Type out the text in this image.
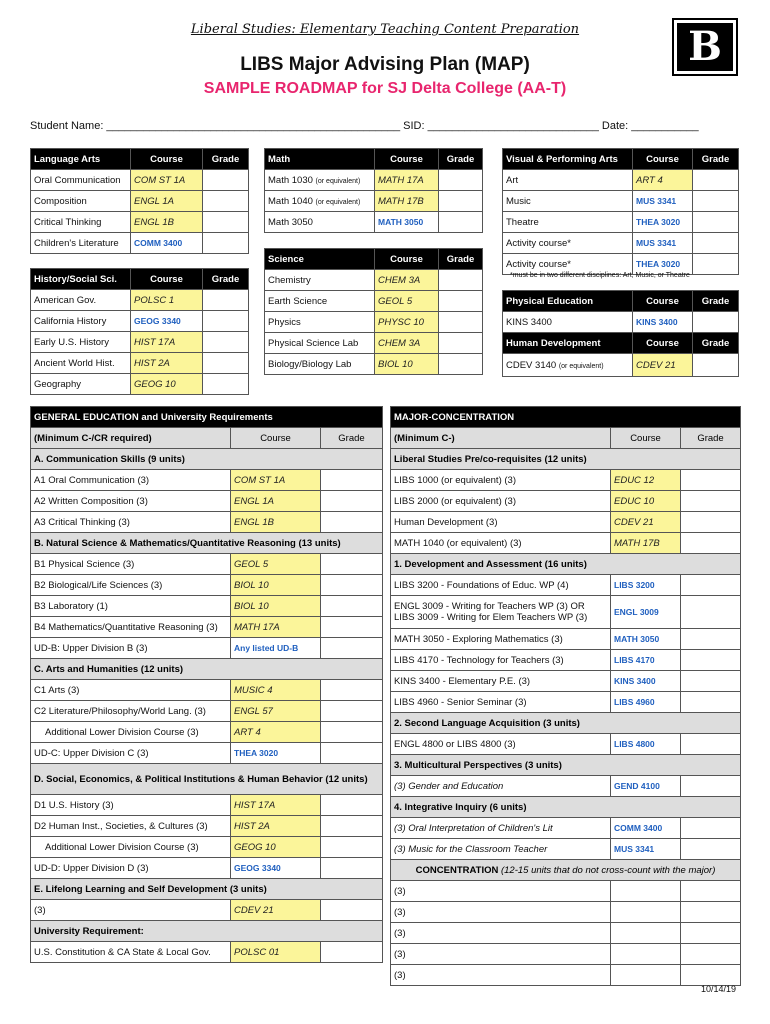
Liberal Studies: Elementary Teaching Content Preparation	B
LIBS Major Advising Plan (MAP)
SAMPLE ROADMAP for SJ Delta College (AA-T)
Student Name: ________________________________________________ SID: ____________________________ Date: ___________
Language Arts	Course	Grade
Oral Communication	COM ST 1A	
Composition	ENGL 1A	
Critical Thinking	ENGL 1B	
Children's Literature	COMM 3400	
History/Social Sci.	Course	Grade
American Gov.	POLSC 1	
California History	GEOG 3340	
Early U.S. History	HIST 17A	
Ancient World Hist.	HIST 2A	
Geography	GEOG 10	
Math	Course	Grade
Math 1030 (or equivalent)	MATH 17A	
Math 1040 (or equivalent)	MATH 17B	
Math 3050	MATH 3050	
Science	Course	Grade
Chemistry	CHEM 3A	
Earth Science	GEOL 5	
Physics	PHYSC 10	
Physical Science Lab	CHEM 3A	
Biology/Biology Lab	BIOL 10	
Visual & Performing Arts	Course	Grade
Art	ART 4	
Music	MUS 3341	
Theatre	THEA 3020	
Activity course*	MUS 3341	
Activity course*	THEA 3020	
*must be in two different disciplines: Art, Music, or Theatre
Physical Education	Course	Grade
KINS 3400	KINS 3400	
Human Development	Course	Grade
CDEV 3140 (or equivalent)	CDEV 21	
GENERAL EDUCATION and University Requirements		
(Minimum C-/CR required)	Course	Grade
A. Communication Skills (9 units)		
A1 Oral Communication (3)	COM ST 1A	
A2 Written Composition (3)	ENGL 1A	
A3 Critical Thinking (3)	ENGL 1B	
B. Natural Science & Mathematics/Quantitative Reasoning (13 units)		
B1 Physical Science (3)	GEOL 5	
B2 Biological/Life Sciences (3)	BIOL 10	
B3 Laboratory (1)	BIOL 10	
B4 Mathematics/Quantitative Reasoning (3)	MATH 17A	
UD-B: Upper Division B (3)	Any listed UD-B	
C. Arts and Humanities (12 units)		
C1 Arts (3)	MUSIC 4	
C2 Literature/Philosophy/World Lang. (3)	ENGL 57	
Additional Lower Division Course (3)	ART 4	
UD-C: Upper Division C (3)	THEA 3020	
D. Social, Economics, & Political Institutions & Human Behavior (12 units)		
D1 U.S. History (3)	HIST 17A	
D2 Human Inst., Societies, & Cultures (3)	HIST 2A	
Additional Lower Division Course (3)	GEOG 10	
UD-D: Upper Division D (3)	GEOG 3340	
E. Lifelong Learning and Self Development (3 units)		
(3)	CDEV 21	
University Requirement:		
U.S. Constitution & CA State & Local Gov.	POLSC 01	
MAJOR-CONCENTRATION		
(Minimum C-)	Course	Grade
Liberal Studies Pre/co-requisites (12 units)		
LIBS 1000 (or equivalent) (3)	EDUC 12	
LIBS 2000 (or equivalent) (3)	EDUC 10	
Human Development (3)	CDEV 21	
MATH 1040 (or equivalent) (3)	MATH 17B	
1. Development and Assessment (16 units)		
LIBS 3200 - Foundations of Educ. WP (4)	LIBS 3200	

ENGL 3009 - Writing for Teachers WP (3) OR
LIBS 3009 - Writing for Elem Teachers WP (3)	ENGL 3009	
MATH 3050 - Exploring Mathematics (3)	MATH 3050	
LIBS 4170 - Technology for Teachers (3)	LIBS 4170	
KINS 3400 - Elementary P.E. (3)	KINS 3400	
LIBS 4960 - Senior Seminar (3)	LIBS 4960	
2. Second Language Acquisition (3 units)		
ENGL 4800 or LIBS 4800 (3)	LIBS 4800	
3. Multicultural Perspectives (3 units)		
(3) Gender and Education	GEND 4100	
4. Integrative Inquiry (6 units)		
(3) Oral Interpretation of Children's Lit	COMM 3400	
(3) Music for the Classroom Teacher	MUS 3341	
CONCENTRATION (12-15 units that do not cross-count with the major)		
(3)		
(3)		
(3)		
(3)		
(3)		
10/14/19
